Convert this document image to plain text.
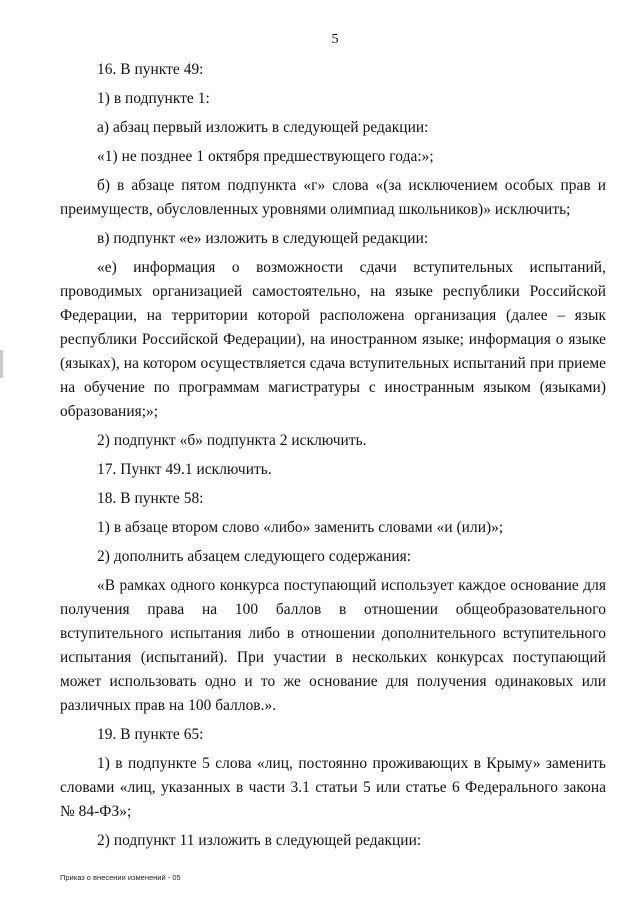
5

16. В пункте 49:

1) в подпункте 1:

а) абзац первый изложить в следующей редакции:

«1) не позднее 1 октября предшествующего года:»;

б) в абзаце пятом подпункта «г» слова «(за исключением особых прав и преимуществ, обусловленных уровнями олимпиад школьников)» исключить;

в) подпункт «е» изложить в следующей редакции:

«е) информация о возможности сдачи вступительных испытаний, проводимых организацией самостоятельно, на языке республики Российской Федерации, на территории которой расположена организация (далее – язык республики Российской Федерации), на иностранном языке; информация о языке (языках), на котором осуществляется сдача вступительных испытаний при приеме на обучение по программам магистратуры с иностранным языком (языками) образования;»;

2) подпункт «б» подпункта 2 исключить.

17. Пункт 49.1 исключить.

18. В пункте 58:

1) в абзаце втором слово «либо» заменить словами «и (или)»;

2) дополнить абзацем следующего содержания:

«В рамках одного конкурса поступающий использует каждое основание для получения права на 100 баллов в отношении общеобразовательного вступительного испытания либо в отношении дополнительного вступительного испытания (испытаний). При участии в нескольких конкурсах поступающий может использовать одно и то же основание для получения одинаковых или различных прав на 100 баллов.».

19. В пункте 65:

1) в подпункте 5 слова «лиц, постоянно проживающих в Крыму» заменить словами «лиц, указанных в части 3.1 статьи 5 или статье 6 Федерального закона № 84-ФЗ»;

2) подпункт 11 изложить в следующей редакции:

Приказ о внесении изменений - 05
